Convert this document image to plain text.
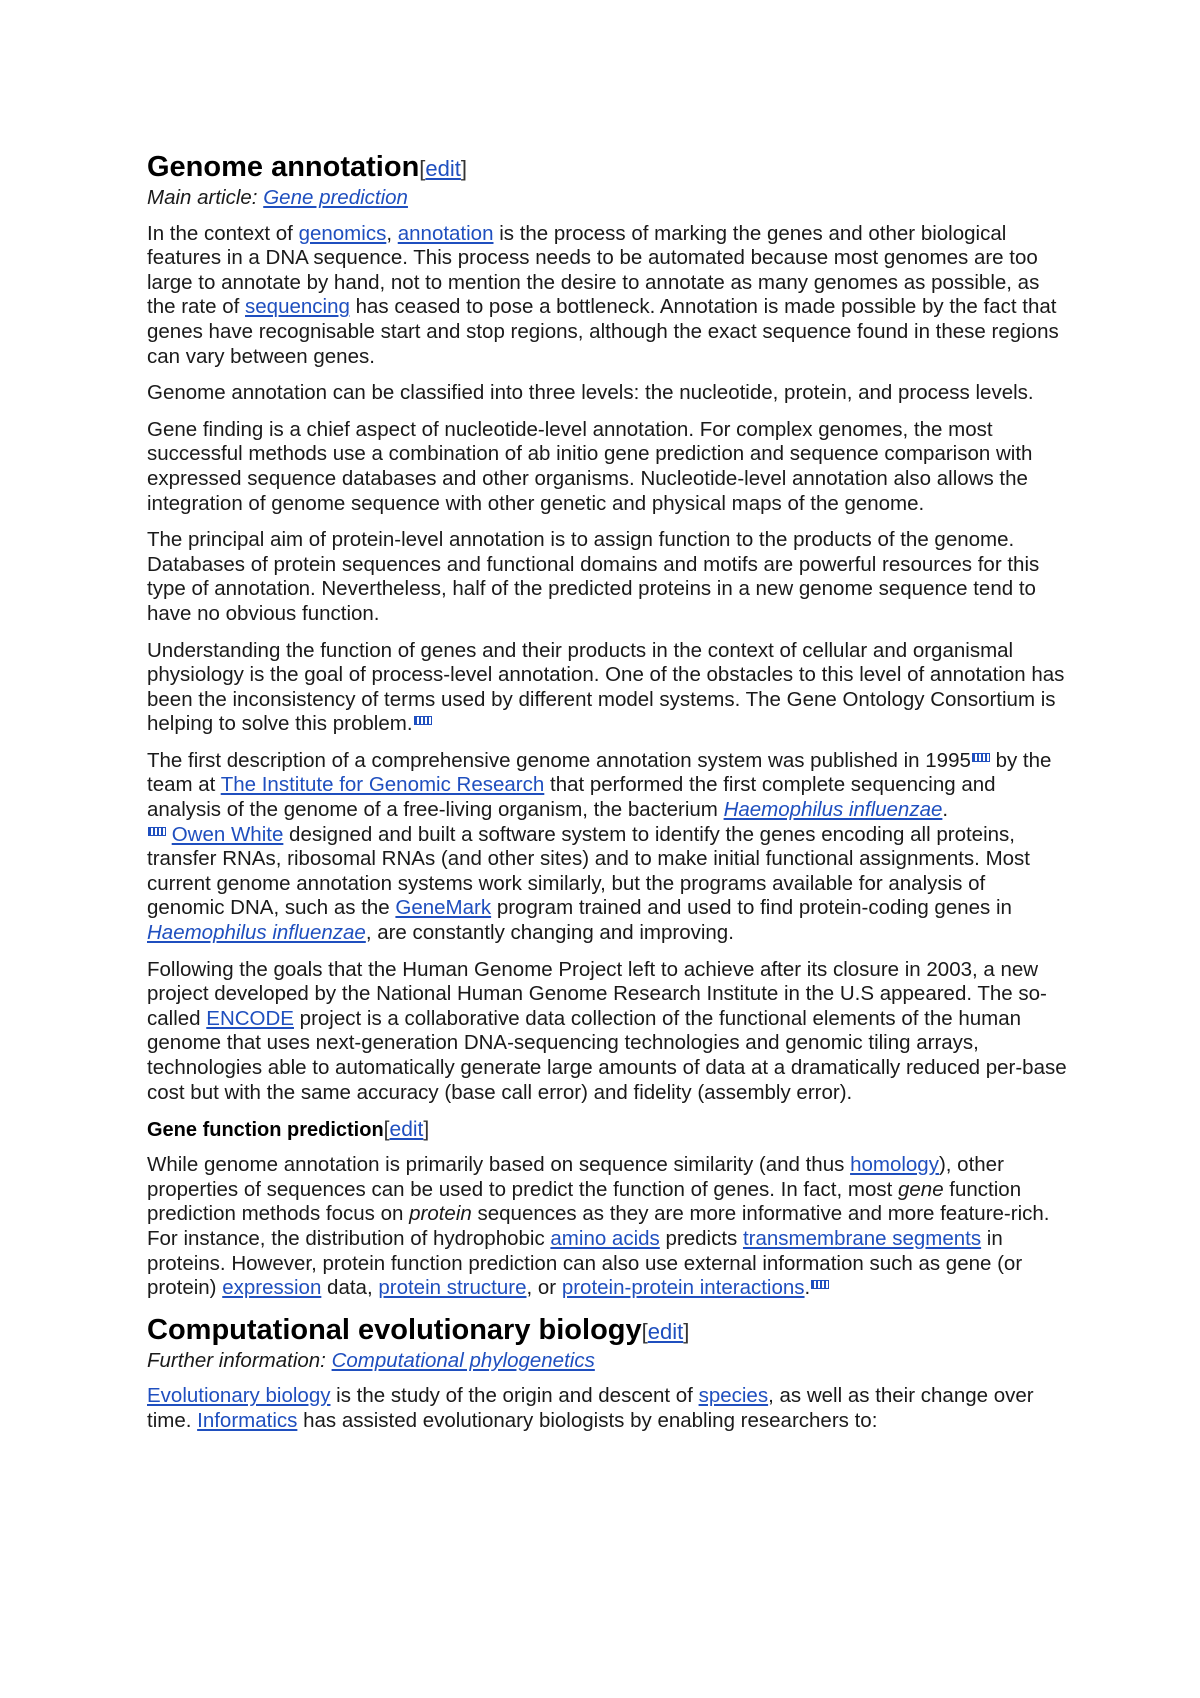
Genome annotation[edit]
Main article: Gene prediction

In the context of genomics, annotation is the process of marking the genes and other biological features in a DNA sequence. This process needs to be automated because most genomes are too large to annotate by hand, not to mention the desire to annotate as many genomes as possible, as the rate of sequencing has ceased to pose a bottleneck. Annotation is made possible by the fact that genes have recognisable start and stop regions, although the exact sequence found in these regions can vary between genes.

Genome annotation can be classified into three levels: the nucleotide, protein, and process levels.

Gene finding is a chief aspect of nucleotide-level annotation. For complex genomes, the most successful methods use a combination of ab initio gene prediction and sequence comparison with expressed sequence databases and other organisms. Nucleotide-level annotation also allows the integration of genome sequence with other genetic and physical maps of the genome.

The principal aim of protein-level annotation is to assign function to the products of the genome. Databases of protein sequences and functional domains and motifs are powerful resources for this type of annotation. Nevertheless, half of the predicted proteins in a new genome sequence tend to have no obvious function.

Understanding the function of genes and their products in the context of cellular and organismal physiology is the goal of process-level annotation. One of the obstacles to this level of annotation has been the inconsistency of terms used by different model systems. The Gene Ontology Consortium is helping to solve this problem.

The first description of a comprehensive genome annotation system was published in 1995 by the team at The Institute for Genomic Research that performed the first complete sequencing and analysis of the genome of a free-living organism, the bacterium Haemophilus influenzae.
Owen White designed and built a software system to identify the genes encoding all proteins, transfer RNAs, ribosomal RNAs (and other sites) and to make initial functional assignments. Most current genome annotation systems work similarly, but the programs available for analysis of genomic DNA, such as the GeneMark program trained and used to find protein-coding genes in Haemophilus influenzae, are constantly changing and improving.

Following the goals that the Human Genome Project left to achieve after its closure in 2003, a new project developed by the National Human Genome Research Institute in the U.S appeared. The so-called ENCODE project is a collaborative data collection of the functional elements of the human genome that uses next-generation DNA-sequencing technologies and genomic tiling arrays, technologies able to automatically generate large amounts of data at a dramatically reduced per-base cost but with the same accuracy (base call error) and fidelity (assembly error).

Gene function prediction[edit]

While genome annotation is primarily based on sequence similarity (and thus homology), other properties of sequences can be used to predict the function of genes. In fact, most gene function prediction methods focus on protein sequences as they are more informative and more feature-rich. For instance, the distribution of hydrophobic amino acids predicts transmembrane segments in proteins. However, protein function prediction can also use external information such as gene (or protein) expression data, protein structure, or protein-protein interactions.

Computational evolutionary biology[edit]
Further information: Computational phylogenetics

Evolutionary biology is the study of the origin and descent of species, as well as their change over time. Informatics has assisted evolutionary biologists by enabling researchers to:
